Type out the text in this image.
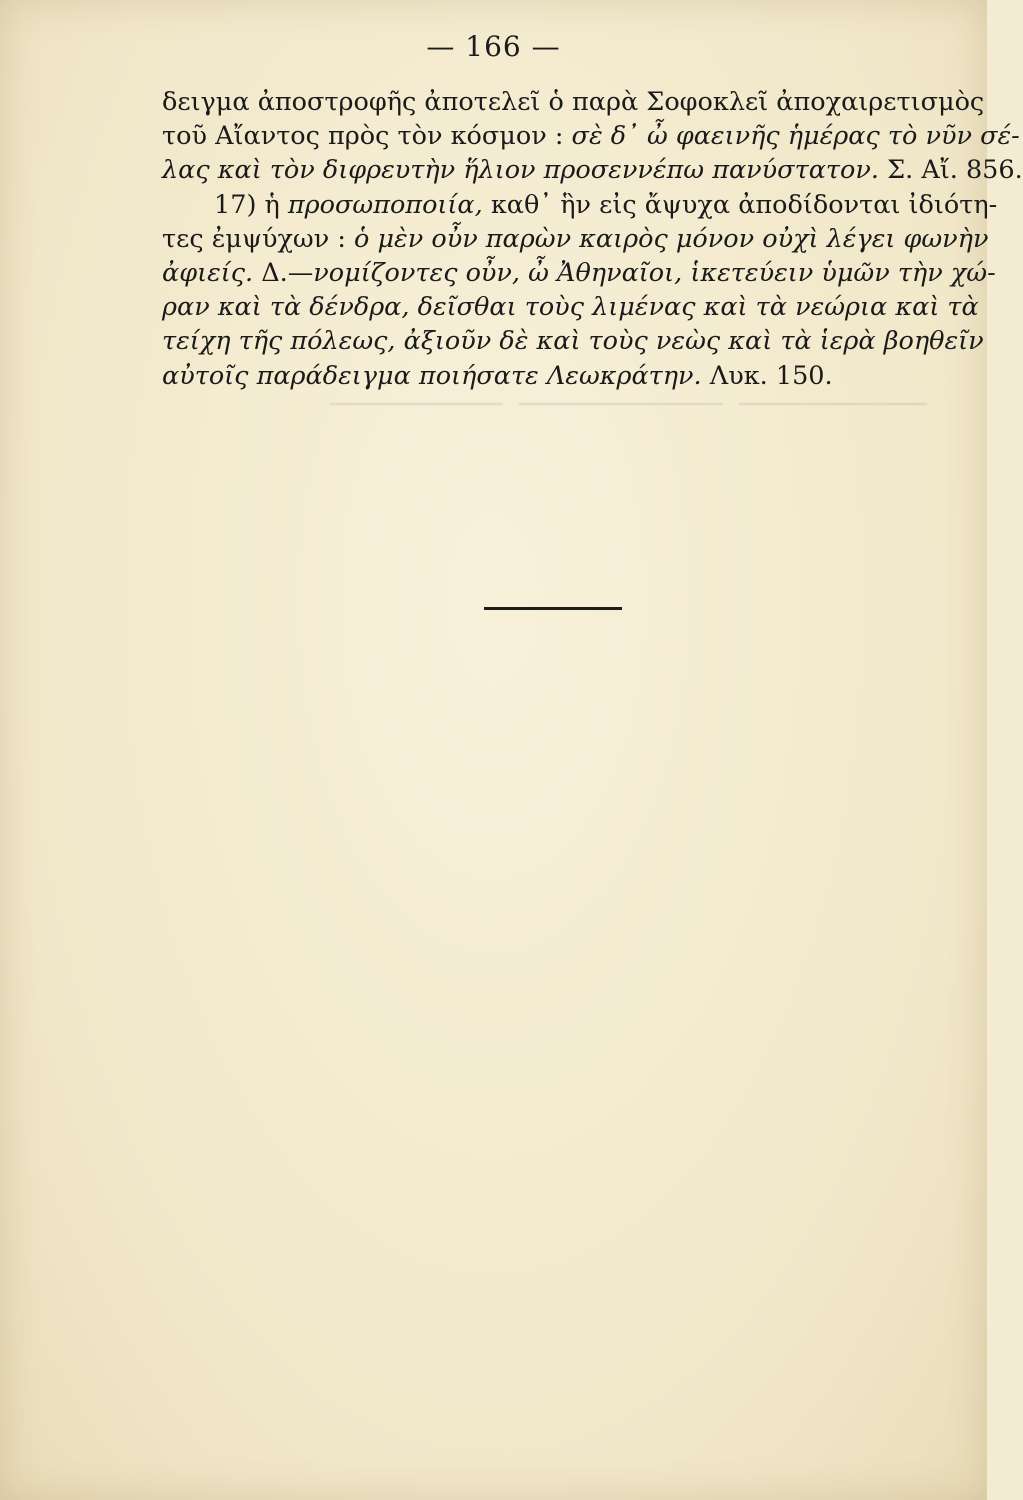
────────────  ─────────────  ───────────

— 166 —
δειγμα ἀποστροφῆς ἀποτελεῖ ὁ παρὰ Σοφοκλεῖ ἀποχαιρετισμὸς
τοῦ Αἴαντος πρὸς τὸν κόσμον : σὲ δ᾽ ὦ φαεινῆς ἡμέρας τὸ νῦν σέ-
λας καὶ τὸν διφρευτὴν ἥλιον προσεννέπω πανύστατον. Σ. Αἴ. 856.
17) ἡ προσωποποιία, καθ᾽ ἣν εἰς ἄψυχα ἀποδίδονται ἰδιότη-
τες ἐμψύχων : ὁ μὲν οὖν παρὼν καιρὸς μόνον οὐχὶ λέγει φωνὴν
ἀφιείς. Δ.—νομίζοντες οὖν, ὦ Ἀθηναῖοι, ἱκετεύειν ὑμῶν τὴν χώ-
ραν καὶ τὰ δένδρα, δεῖσθαι τοὺς λιμένας καὶ τὰ νεώρια καὶ τὰ
τείχη τῆς πόλεως, ἀξιοῦν δὲ καὶ τοὺς νεὼς καὶ τὰ ἱερὰ βοηθεῖν
αὐτοῖς παράδειγμα ποιήσατε Λεωκράτην. Λυκ. 150.
